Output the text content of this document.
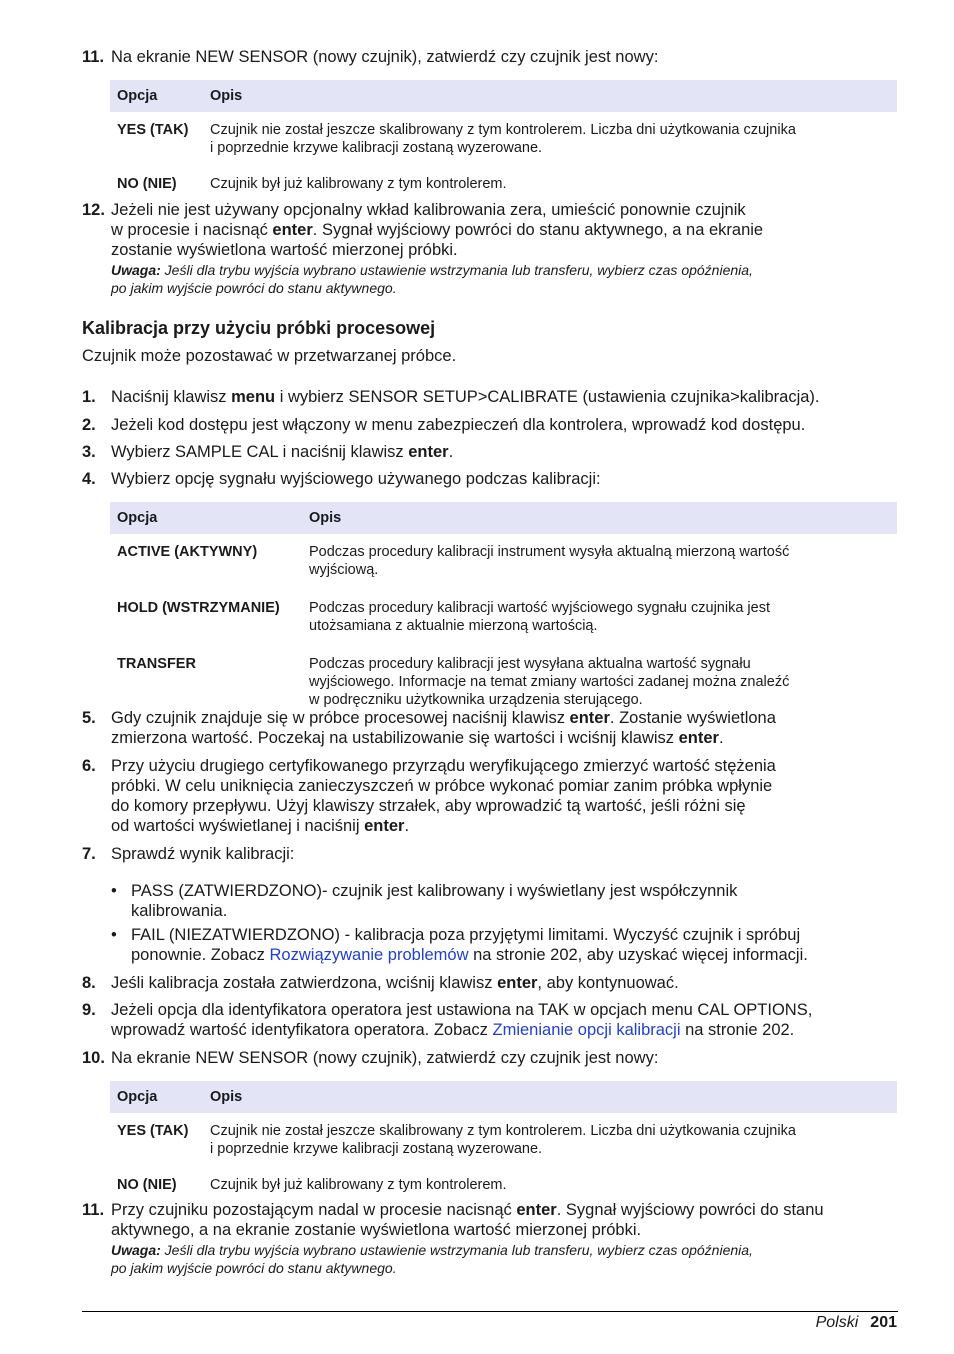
11. Na ekranie NEW SENSOR (nowy czujnik), zatwierdź czy czujnik jest nowy:
Opcja	Opis
YES (TAK)	Czujnik nie został jeszcze skalibrowany z tym kontrolerem. Liczba dni użytkowania czujnika
i poprzednie krzywe kalibracji zostaną wyzerowane.

NO (NIE)	Czujnik był już kalibrowany z tym kontrolerem.
12. Jeżeli nie jest używany opcjonalny wkład kalibrowania zera, umieścić ponownie czujnik
w procesie i nacisnąć enter. Sygnał wyjściowy powróci do stanu aktywnego, a na ekranie
zostanie wyświetlona wartość mierzonej próbki.
Uwaga: Jeśli dla trybu wyjścia wybrano ustawienie wstrzymania lub transferu, wybierz czas opóźnienia,
po jakim wyjście powróci do stanu aktywnego.
Kalibracja przy użyciu próbki procesowej
Czujnik może pozostawać w przetwarzanej próbce.
1. Naciśnij klawisz menu i wybierz SENSOR SETUP>CALIBRATE (ustawienia czujnika>kalibracja).
2. Jeżeli kod dostępu jest włączony w menu zabezpieczeń dla kontrolera, wprowadź kod dostępu.
3. Wybierz SAMPLE CAL i naciśnij klawisz enter.
4. Wybierz opcję sygnału wyjściowego używanego podczas kalibracji:
Opcja	Opis
ACTIVE (AKTYWNY)	Podczas procedury kalibracji instrument wysyła aktualną mierzoną wartość
wyjściową.

HOLD (WSTRZYMANIE)	Podczas procedury kalibracji wartość wyjściowego sygnału czujnika jest
utożsamiana z aktualnie mierzoną wartością.

TRANSFER	Podczas procedury kalibracji jest wysyłana aktualna wartość sygnału
wyjściowego. Informacje na temat zmiany wartości zadanej można znaleźć
w podręczniku użytkownika urządzenia sterującego.
5. Gdy czujnik znajduje się w próbce procesowej naciśnij klawisz enter. Zostanie wyświetlona
zmierzona wartość. Poczekaj na ustabilizowanie się wartości i wciśnij klawisz enter.
6. Przy użyciu drugiego certyfikowanego przyrządu weryfikującego zmierzyć wartość stężenia
próbki. W celu uniknięcia zanieczyszczeń w próbce wykonać pomiar zanim próbka wpłynie
do komory przepływu. Użyj klawiszy strzałek, aby wprowadzić tą wartość, jeśli różni się
od wartości wyświetlanej i naciśnij enter.
7. Sprawdź wynik kalibracji:
• PASS (ZATWIERDZONO)- czujnik jest kalibrowany i wyświetlany jest współczynnik
kalibrowania.
• FAIL (NIEZATWIERDZONO) - kalibracja poza przyjętymi limitami. Wyczyść czujnik i spróbuj
ponownie. Zobacz Rozwiązywanie problemów na stronie 202, aby uzyskać więcej informacji.
8. Jeśli kalibracja została zatwierdzona, wciśnij klawisz enter, aby kontynuować.
9. Jeżeli opcja dla identyfikatora operatora jest ustawiona na TAK w opcjach menu CAL OPTIONS,
wprowadź wartość identyfikatora operatora. Zobacz Zmienianie opcji kalibracji na stronie 202.
10. Na ekranie NEW SENSOR (nowy czujnik), zatwierdź czy czujnik jest nowy:
Opcja	Opis
YES (TAK)	Czujnik nie został jeszcze skalibrowany z tym kontrolerem. Liczba dni użytkowania czujnika
i poprzednie krzywe kalibracji zostaną wyzerowane.

NO (NIE)	Czujnik był już kalibrowany z tym kontrolerem.
11. Przy czujniku pozostającym nadal w procesie nacisnąć enter. Sygnał wyjściowy powróci do stanu
aktywnego, a na ekranie zostanie wyświetlona wartość mierzonej próbki.
Uwaga: Jeśli dla trybu wyjścia wybrano ustawienie wstrzymania lub transferu, wybierz czas opóźnienia,
po jakim wyjście powróci do stanu aktywnego.
Polski 201
